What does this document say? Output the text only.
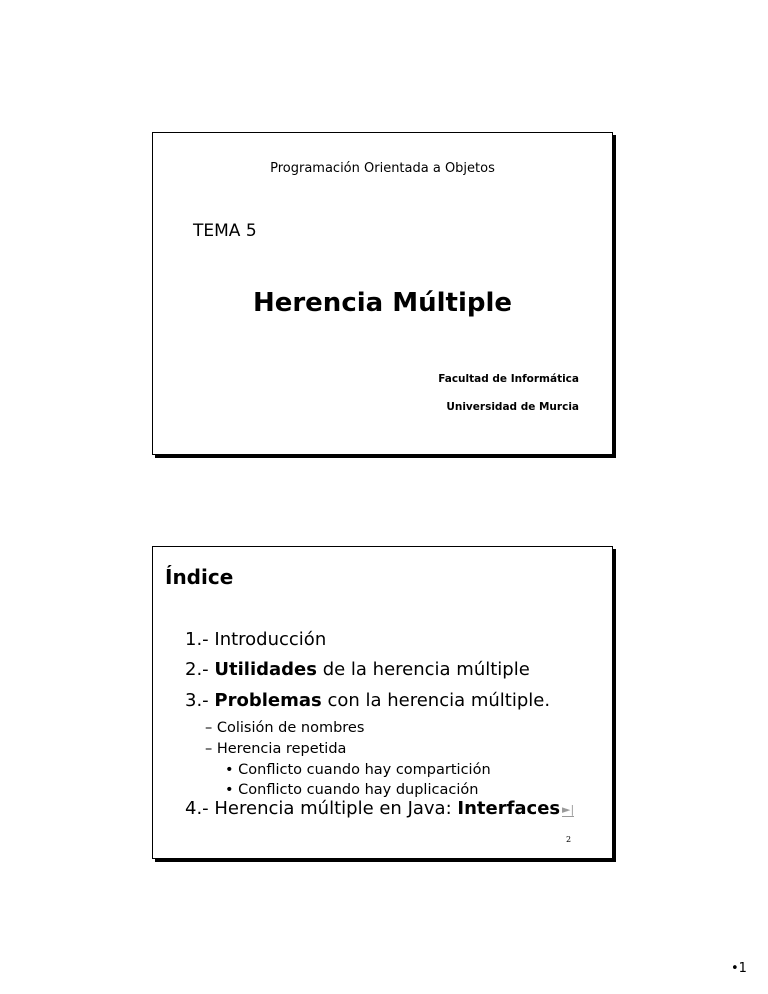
Programación Orientada a Objetos
TEMA 5
Herencia Múltiple
Facultad de Informática
Universidad de Murcia
Índice
1.- Introducción
2.- Utilidades de la herencia múltiple
3.- Problemas con la herencia múltiple.
– Colisión de nombres
– Herencia repetida
• Conflicto cuando hay compartición
• Conflicto cuando hay duplicación
4.- Herencia múltiple en Java: Interfaces ►|
2
•1
